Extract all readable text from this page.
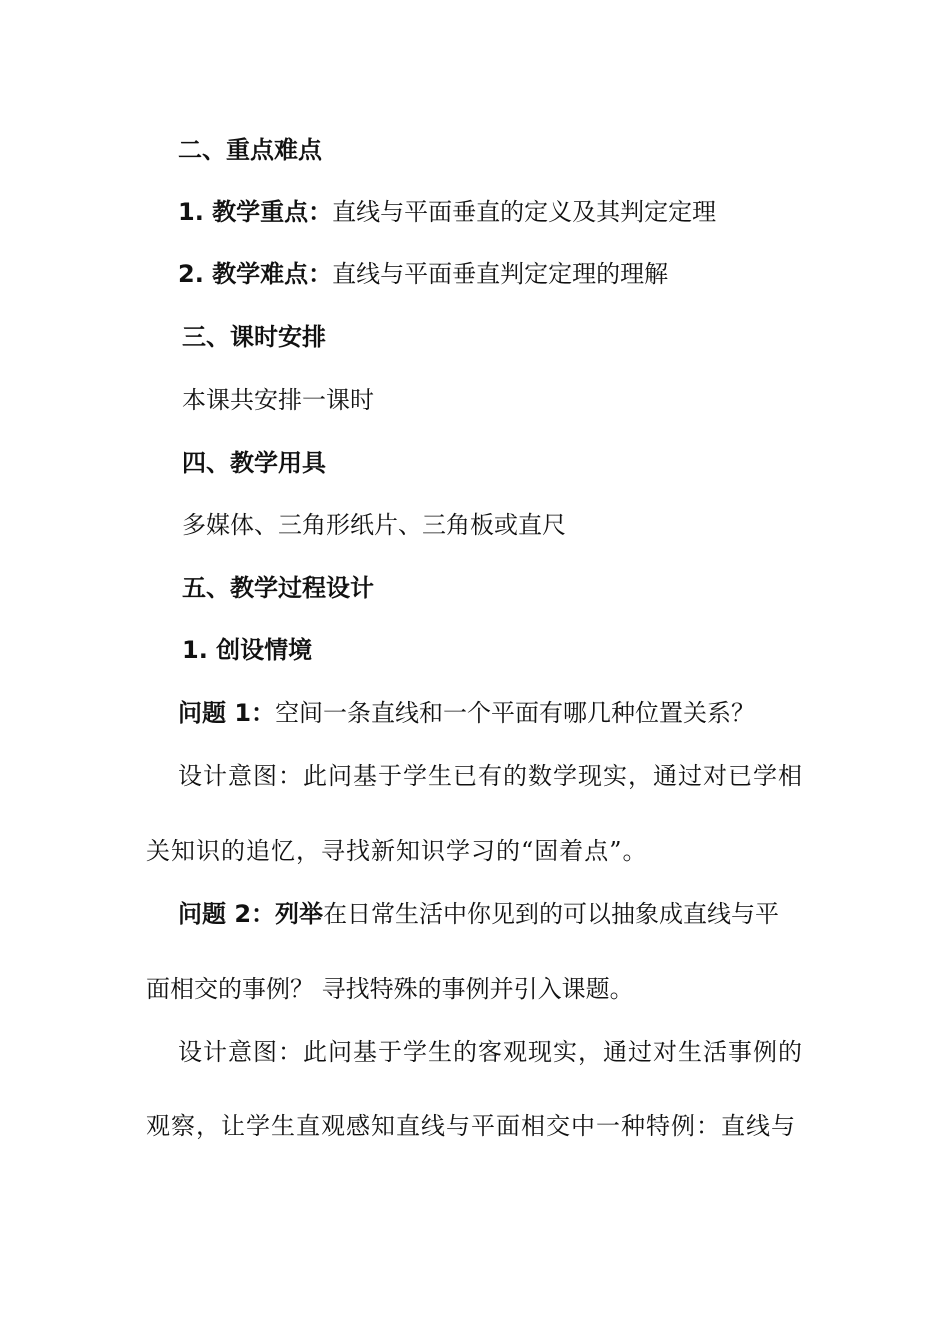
二、重点难点
1. 教学重点：直线与平面垂直的定义及其判定定理
2. 教学难点：直线与平面垂直判定定理的理解
三、课时安排
本课共安排一课时
四、教学用具
多媒体、三角形纸片、三角板或直尺
五、教学过程设计
1. 创设情境
问题 1：空间一条直线和一个平面有哪几种位置关系？
设计意图：此问基于学生已有的数学现实，通过对已学相
关知识的追忆，寻找新知识学习的“固着点”。
问题 2：列举在日常生活中你见到的可以抽象成直线与平
面相交的事例？ 寻找特殊的事例并引入课题。
设计意图：此问基于学生的客观现实，通过对生活事例的
观察，让学生直观感知直线与平面相交中一种特例：直线与
